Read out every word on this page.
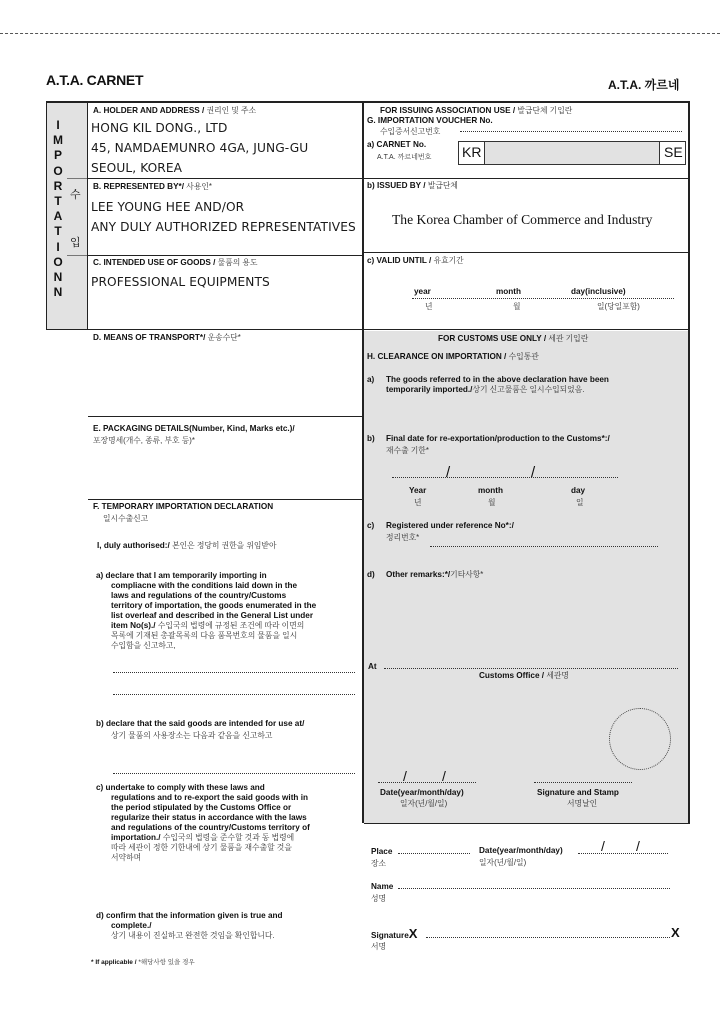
A.T.A. CARNET	A.T.A. 까르네
I
M
P
O
R
T
A
T
I
O
N
N
수
입
A. HOLDER AND ADDRESS / 권리인 및 주소
HONG KIL DONG., LTD
45, NAMDAEMUNRO 4GA, JUNG-GU
SEOUL, KOREA
B. REPRESENTED BY*/ 사용인*
LEE YOUNG HEE AND/OR
ANY DULY AUTHORIZED REPRESENTATIVES
C. INTENDED USE OF GOODS / 물품의 용도
PROFESSIONAL EQUIPMENTS
FOR ISSUING ASSOCIATION USE / 발급단체 기입란
G. IMPORTATION VOUCHER No.
수입증서신고번호
a) CARNET No.
A.T.A. 까르네번호 KR	SE
b) ISSUED BY / 발급단체
The Korea Chamber of Commerce and Industry
c) VALID UNTIL / 유효기간
year	month	day(inclusive)
년	월	일(당일포함)
FOR CUSTOMS USE ONLY / 세관 기입란
H. CLEARANCE ON IMPORTATION / 수입통관
a) The goods referred to in the above declaration have been
temporarily imported./상기 신고물품은 일시수입되었음.
b) Final date for re-exportation/production to the Customs*:/
재수출 기한*
/	/
Year	month	day
년	월	일
c) Registered under reference No*:/
정리번호*
d) Other remarks:*/기타사항*
At
Customs Office / 세관명
/	/
Date(year/month/day)
일자(년/월/일)
Signature and Stamp
서명날인
D. MEANS OF TRANSPORT*/ 운송수단*
E. PACKAGING DETAILS(Number, Kind, Marks etc.)/
포장명세(개수, 종류, 부호 등)*
F. TEMPORARY IMPORTATION DECLARATION
일시수출신고
I, duly authorised:/ 본인은 정당히 권한을 위임받아
a) declare that I am temporarily importing in
compliacne with the conditions laid down in the
laws and regulations of the country/Customs
territory of importation, the goods enumerated in the
list overleaf and described in the General List under
item No(s)./ 수입국의 법령에 규정된 조건에 따라 이면의
목록에 기재된 총괄목록의 다음 품목번호의 물품을 일시
수입함을 신고하고,
b) declare that the said goods are intended for use at/
상기 물품의 사용장소는 다음과 같음을 신고하고
c) undertake to comply with these laws and
regulations and to re-export the said goods with in
the period stipulated by the Customs Office or
regularize their status in accordance with the laws
and regulations of the country/Customs territory of
importation./ 수입국의 법령을 준수할 것과 동 법령에
따라 세관이 정한 기한내에 상기 물품을 재수출할 것을
서약하며
d) confirm that the information given is true and
complete./
상기 내용이 진실하고 완전한 것임을 확인합니다.
Place
장소
Date(year/month/day)
일자(년/월/일)
/ /
Name
성명
SignatureX
서명
X
* If applicable / *해당사항 있을 경우
